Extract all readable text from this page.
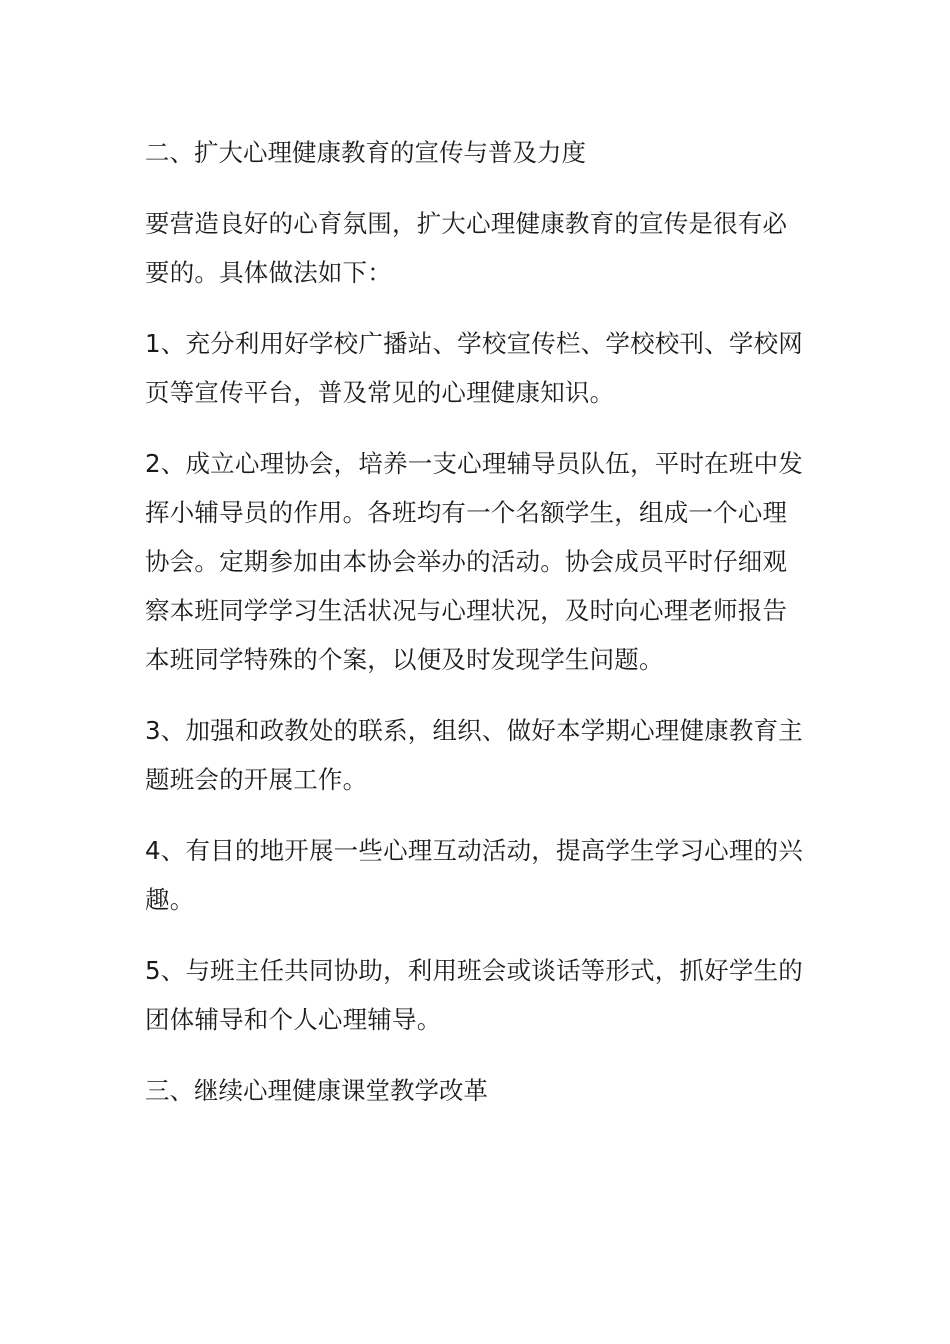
二、扩大心理健康教育的宣传与普及力度
要营造良好的心育氛围，扩大心理健康教育的宣传是很有必
要的。具体做法如下：
1、充分利用好学校广播站、学校宣传栏、学校校刊、学校网
页等宣传平台，普及常见的心理健康知识。
2、成立心理协会，培养一支心理辅导员队伍，平时在班中发
挥小辅导员的作用。各班均有一个名额学生，组成一个心理
协会。定期参加由本协会举办的活动。协会成员平时仔细观
察本班同学学习生活状况与心理状况，及时向心理老师报告
本班同学特殊的个案，以便及时发现学生问题。
3、加强和政教处的联系，组织、做好本学期心理健康教育主
题班会的开展工作。
4、有目的地开展一些心理互动活动，提高学生学习心理的兴
趣。
5、与班主任共同协助，利用班会或谈话等形式，抓好学生的
团体辅导和个人心理辅导。
三、继续心理健康课堂教学改革
